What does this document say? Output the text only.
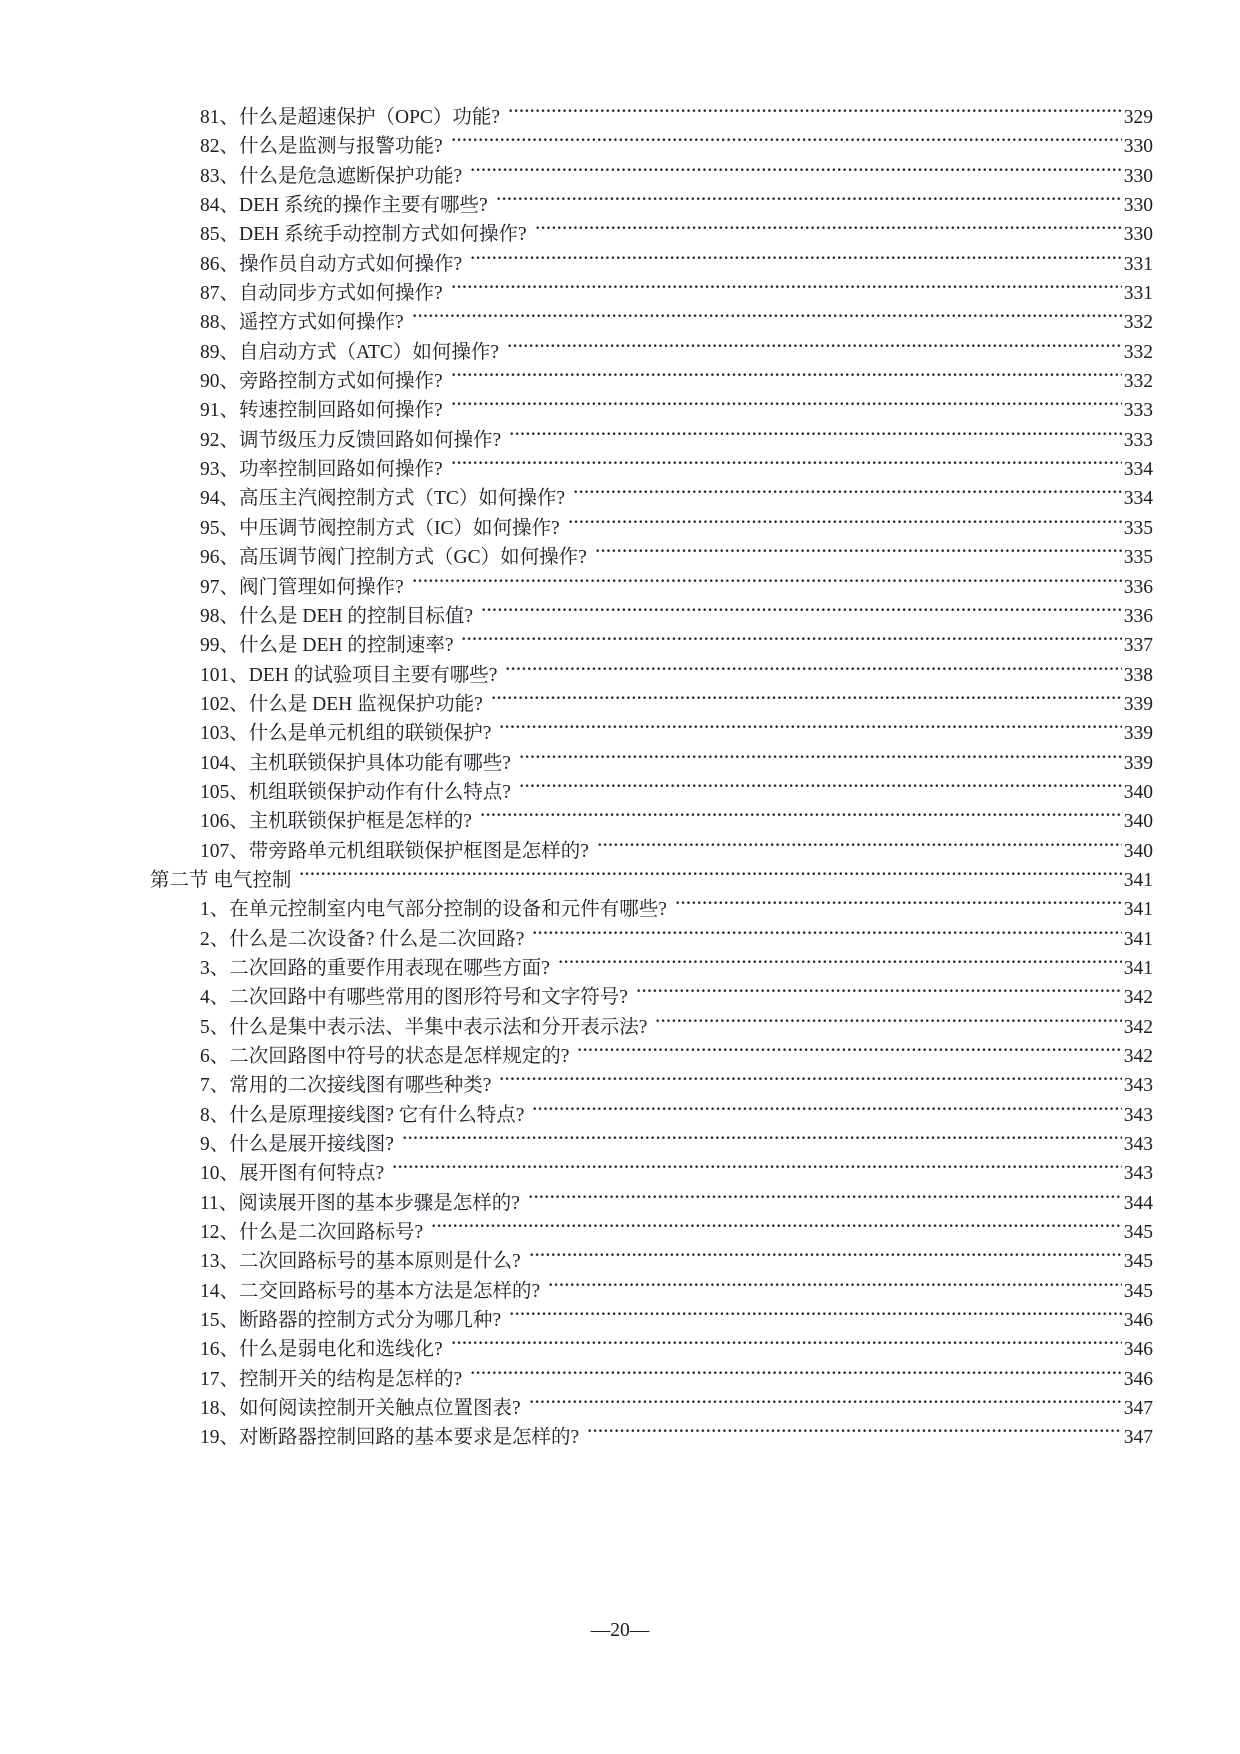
81、什么是超速保护（OPC）功能?	329
82、什么是监测与报警功能?	330
83、什么是危急遮断保护功能?	330
84、DEH 系统的操作主要有哪些?	330
85、DEH 系统手动控制方式如何操作?	330
86、操作员自动方式如何操作?	331
87、自动同步方式如何操作?	331
88、遥控方式如何操作?	332
89、自启动方式（ATC）如何操作?	332
90、旁路控制方式如何操作?	332
91、转速控制回路如何操作?	333
92、调节级压力反馈回路如何操作?	333
93、功率控制回路如何操作?	334
94、高压主汽阀控制方式（TC）如何操作?	334
95、中压调节阀控制方式（IC）如何操作?	335
96、高压调节阀门控制方式（GC）如何操作?	335
97、阀门管理如何操作?	336
98、什么是 DEH 的控制目标值?	336
99、什么是 DEH 的控制速率?	337
101、DEH 的试验项目主要有哪些?	338
102、什么是 DEH 监视保护功能?	339
103、什么是单元机组的联锁保护?	339
104、主机联锁保护具体功能有哪些?	339
105、机组联锁保护动作有什么特点?	340
106、主机联锁保护框是怎样的?	340
107、带旁路单元机组联锁保护框图是怎样的?	340
第二节 电气控制	341
1、在单元控制室内电气部分控制的设备和元件有哪些?	341
2、什么是二次设备? 什么是二次回路?	341
3、二次回路的重要作用表现在哪些方面?	341
4、二次回路中有哪些常用的图形符号和文字符号?	342
5、什么是集中表示法、半集中表示法和分开表示法?	342
6、二次回路图中符号的状态是怎样规定的?	342
7、常用的二次接线图有哪些种类?	343
8、什么是原理接线图? 它有什么特点?	343
9、什么是展开接线图?	343
10、展开图有何特点?	343
11、阅读展开图的基本步骤是怎样的?	344
12、什么是二次回路标号?	345
13、二次回路标号的基本原则是什么?	345
14、二交回路标号的基本方法是怎样的?	345
15、断路器的控制方式分为哪几种?	346
16、什么是弱电化和选线化?	346
17、控制开关的结构是怎样的?	346
18、如何阅读控制开关触点位置图表?	347
19、对断路器控制回路的基本要求是怎样的?	347
—20—
